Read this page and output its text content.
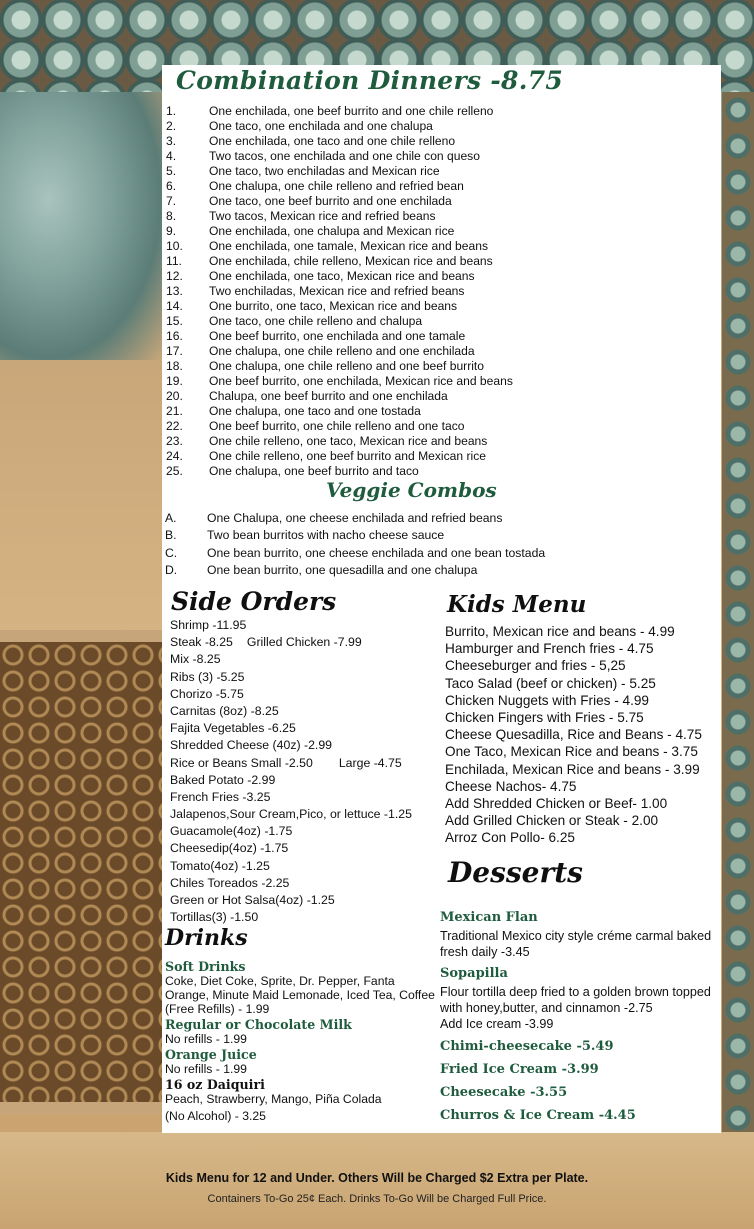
Combination Dinners -8.75
1.	One enchilada, one beef burrito and one chile relleno
2.	One taco, one enchilada and one chalupa
3.	One enchilada, one taco and one chile relleno
4.	Two tacos, one enchilada and one chile con queso
5.	One taco, two enchiladas and Mexican rice
6.	One chalupa, one chile relleno and refried bean
7.	One taco, one beef burrito and one enchilada
8.	Two tacos, Mexican rice and refried beans
9.	One enchilada, one chalupa and Mexican rice
10. One enchilada, one tamale, Mexican rice and beans
11. One enchilada, chile relleno, Mexican rice and beans
12. One enchilada, one taco, Mexican rice and beans
13. Two enchiladas, Mexican rice and refried beans
14. One burrito, one taco, Mexican rice and beans
15. One taco, one chile relleno and chalupa
16. One beef burrito, one enchilada and one tamale
17. One chalupa, one chile relleno and one enchilada
18. One chalupa, one chile relleno and one beef burrito
19. One beef burrito, one enchilada, Mexican rice and beans
20. Chalupa, one beef burrito and one enchilada
21. One chalupa, one taco and one tostada
22. One beef burrito, one chile relleno and one taco
23. One chile relleno, one taco, Mexican rice and beans
24. One chile relleno, one beef burrito and Mexican rice
25. One chalupa, one beef burrito and taco
Veggie Combos
A. One Chalupa, one cheese enchilada and refried beans
B. Two bean burritos with nacho cheese sauce
C. One bean burrito, one cheese enchilada and one bean tostada
D. One bean burrito, one quesadilla and one chalupa
Side Orders
Shrimp -11.95
Steak -8.25 Grilled Chicken -7.99
Mix -8.25
Ribs (3) -5.25
Chorizo -5.75
Carnitas (8oz) -8.25
Fajita Vegetables -6.25
Shredded Cheese (40z) -2.99
Rice or Beans Small -2.50 Large -4.75
Baked Potato -2.99
French Fries -3.25
Jalapenos,Sour Cream,Pico, or lettuce -1.25
Guacamole(4oz) -1.75
Cheesedip(4oz) -1.75
Tomato(4oz) -1.25
Chiles Toreados -2.25
Green or Hot Salsa(4oz) -1.25
Tortillas(3) -1.50
Kids Menu
Burrito, Mexican rice and beans - 4.99
Hamburger and French fries - 4.75
Cheeseburger and fries - 5,25
Taco Salad (beef or chicken) - 5.25
Chicken Nuggets with Fries - 4.99
Chicken Fingers with Fries - 5.75
Cheese Quesadilla, Rice and Beans - 4.75
One Taco, Mexican Rice and beans - 3.75
Enchilada, Mexican Rice and beans - 3.99
Cheese Nachos- 4.75
Add Shredded Chicken or Beef- 1.00
Add Grilled Chicken or Steak - 2.00
Arroz Con Pollo- 6.25
Drinks
Soft Drinks
Coke, Diet Coke, Sprite, Dr. Pepper, Fanta Orange, Minute Maid Lemonade, Iced Tea, Coffee (Free Refills) - 1.99
Regular or Chocolate Milk
No refills - 1.99
Orange Juice
No refills - 1.99
16 oz Daiquiri
Peach, Strawberry, Mango, Piña Colada
(No Alcohol) - 3.25
Desserts
Mexican Flan
Traditional Mexico city style créme carmal baked fresh daily -3.45
Sopapilla
Flour tortilla deep fried to a golden brown topped with honey,butter, and cinnamon -2.75
Add Ice cream -3.99
Chimi-cheesecake -5.49
Fried Ice Cream -3.99
Cheesecake -3.55
Churros & Ice Cream -4.45
Kids Menu for 12 and Under. Others Will be Charged $2 Extra per Plate.
Containers To-Go 25¢ Each. Drinks To-Go Will be Charged Full Price.
